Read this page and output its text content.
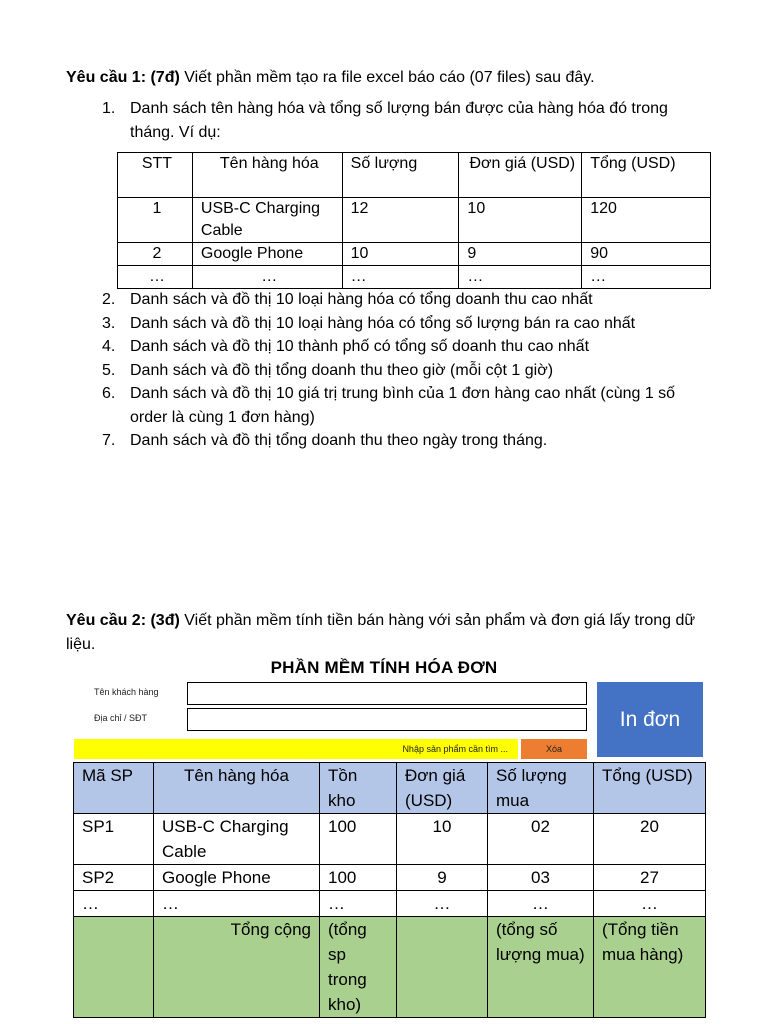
Yêu cầu 1: (7đ) Viết phần mềm tạo ra file excel báo cáo (07 files) sau đây.
1. Danh sách tên hàng hóa và tổng số lượng bán được của hàng hóa đó trong tháng. Ví dụ:
STT	Tên hàng hóa	Số lượng	Đơn giá (USD)	Tổng (USD)
1	USB-C Charging Cable	12	10	120
2	Google Phone	10	9	90
…	…	…	…	…
2. Danh sách và đồ thị 10 loại hàng hóa có tổng doanh thu cao nhất
3. Danh sách và đồ thị 10 loại hàng hóa có tổng số lượng bán ra cao nhất
4. Danh sách và đồ thị 10 thành phố có tổng số doanh thu cao nhất
5. Danh sách và đồ thị tổng doanh thu theo giờ (mỗi cột 1 giờ)
6. Danh sách và đồ thị 10 giá trị trung bình của 1 đơn hàng cao nhất (cùng 1 số order là cùng 1 đơn hàng)
7. Danh sách và đồ thị tổng doanh thu theo ngày trong tháng.
Yêu cầu 2: (3đ) Viết phần mềm tính tiền bán hàng với sản phẩm và đơn giá lấy trong dữ liệu.
PHẦN MỀM TÍNH HÓA ĐƠN
Tên khách hàng
Địa chỉ / SĐT	In đơn
Nhập sản phẩm cần tìm ...	Xóa
Mã SP	Tên hàng hóa	Tồn kho	Đơn giá (USD)	Số lượng mua	Tổng (USD)
SP1	USB-C Charging Cable	100	10	02	20
SP2	Google Phone	100	9	03	27
…	…	…	…	…	…
	Tổng cộng	(tổng sp trong kho)		(tổng số lượng mua)	(Tổng tiền mua hàng)
